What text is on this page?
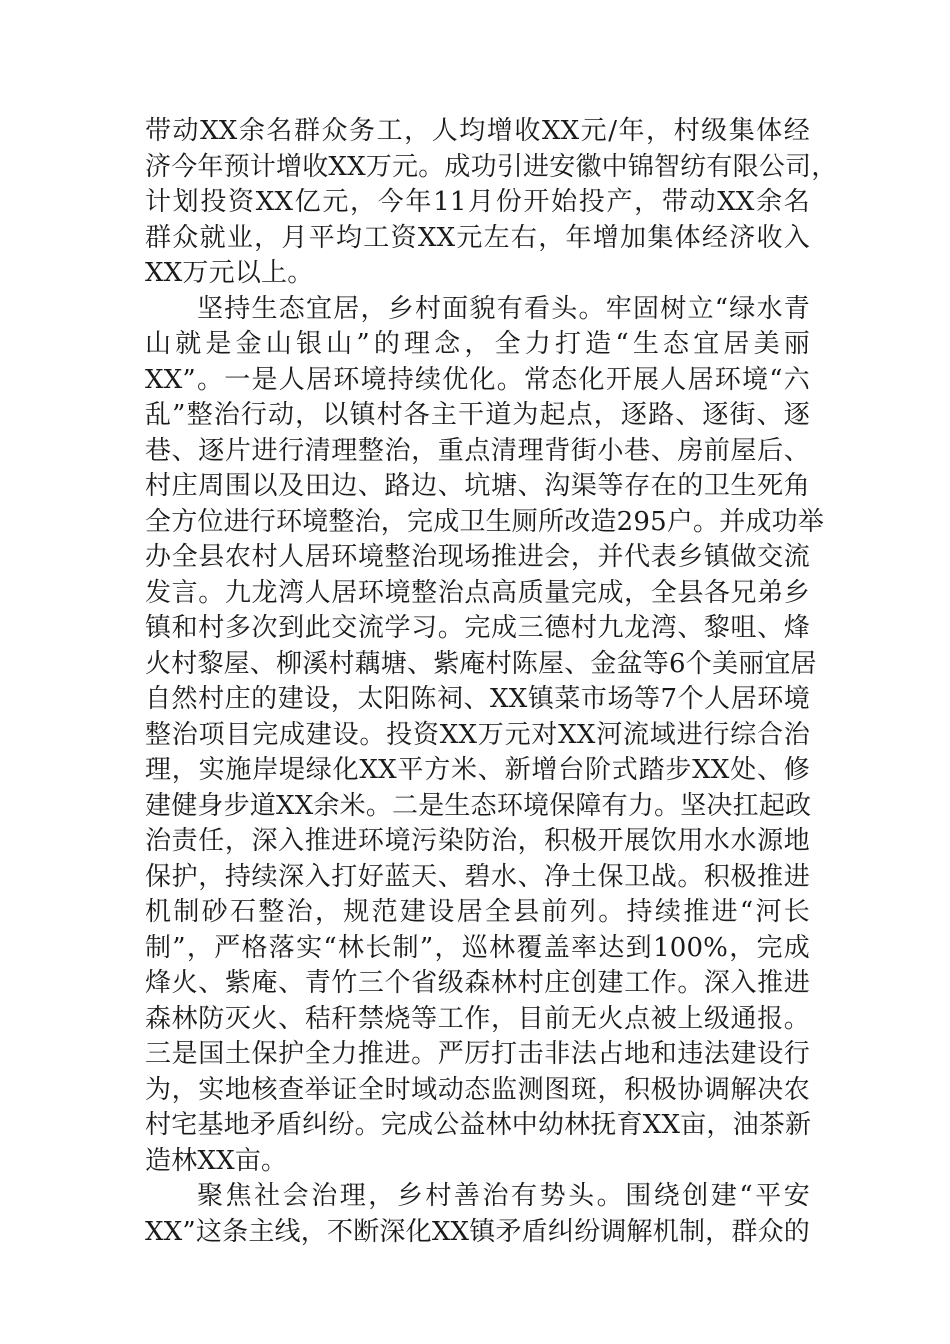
带动XX余名群众务工，人均增收XX元/年，村级集体经
济今年预计增收XX万元。成功引进安徽中锦智纺有限公司，
计划投资XX亿元，今年11月份开始投产，带动XX余名
群众就业，月平均工资XX元左右，年增加集体经济收入
XX万元以上。
坚持生态宜居，乡村面貌有看头。牢固树立“绿水青
山就是金山银山”的理念，全力打造“生态宜居美丽
XX”。一是人居环境持续优化。常态化开展人居环境“六
乱”整治行动，以镇村各主干道为起点，逐路、逐街、逐
巷、逐片进行清理整治，重点清理背街小巷、房前屋后、
村庄周围以及田边、路边、坑塘、沟渠等存在的卫生死角
全方位进行环境整治，完成卫生厕所改造295户。并成功举
办全县农村人居环境整治现场推进会，并代表乡镇做交流
发言。九龙湾人居环境整治点高质量完成，全县各兄弟乡
镇和村多次到此交流学习。完成三德村九龙湾、黎咀、烽
火村黎屋、柳溪村藕塘、紫庵村陈屋、金盆等6个美丽宜居
自然村庄的建设，太阳陈祠、XX镇菜市场等7个人居环境
整治项目完成建设。投资XX万元对XX河流域进行综合治
理，实施岸堤绿化XX平方米、新增台阶式踏步XX处、修
建健身步道XX余米。二是生态环境保障有力。坚决扛起政
治责任，深入推进环境污染防治，积极开展饮用水水源地
保护，持续深入打好蓝天、碧水、净土保卫战。积极推进
机制砂石整治，规范建设居全县前列。持续推进“河长
制”，严格落实“林长制”，巡林覆盖率达到100%，完成
烽火、紫庵、青竹三个省级森林村庄创建工作。深入推进
森林防灭火、秸秆禁烧等工作，目前无火点被上级通报。
三是国土保护全力推进。严厉打击非法占地和违法建设行
为，实地核查举证全时域动态监测图斑，积极协调解决农
村宅基地矛盾纠纷。完成公益林中幼林抚育XX亩，油茶新
造林XX亩。
聚焦社会治理，乡村善治有势头。围绕创建“平安
XX”这条主线，不断深化XX镇矛盾纠纷调解机制，群众的
